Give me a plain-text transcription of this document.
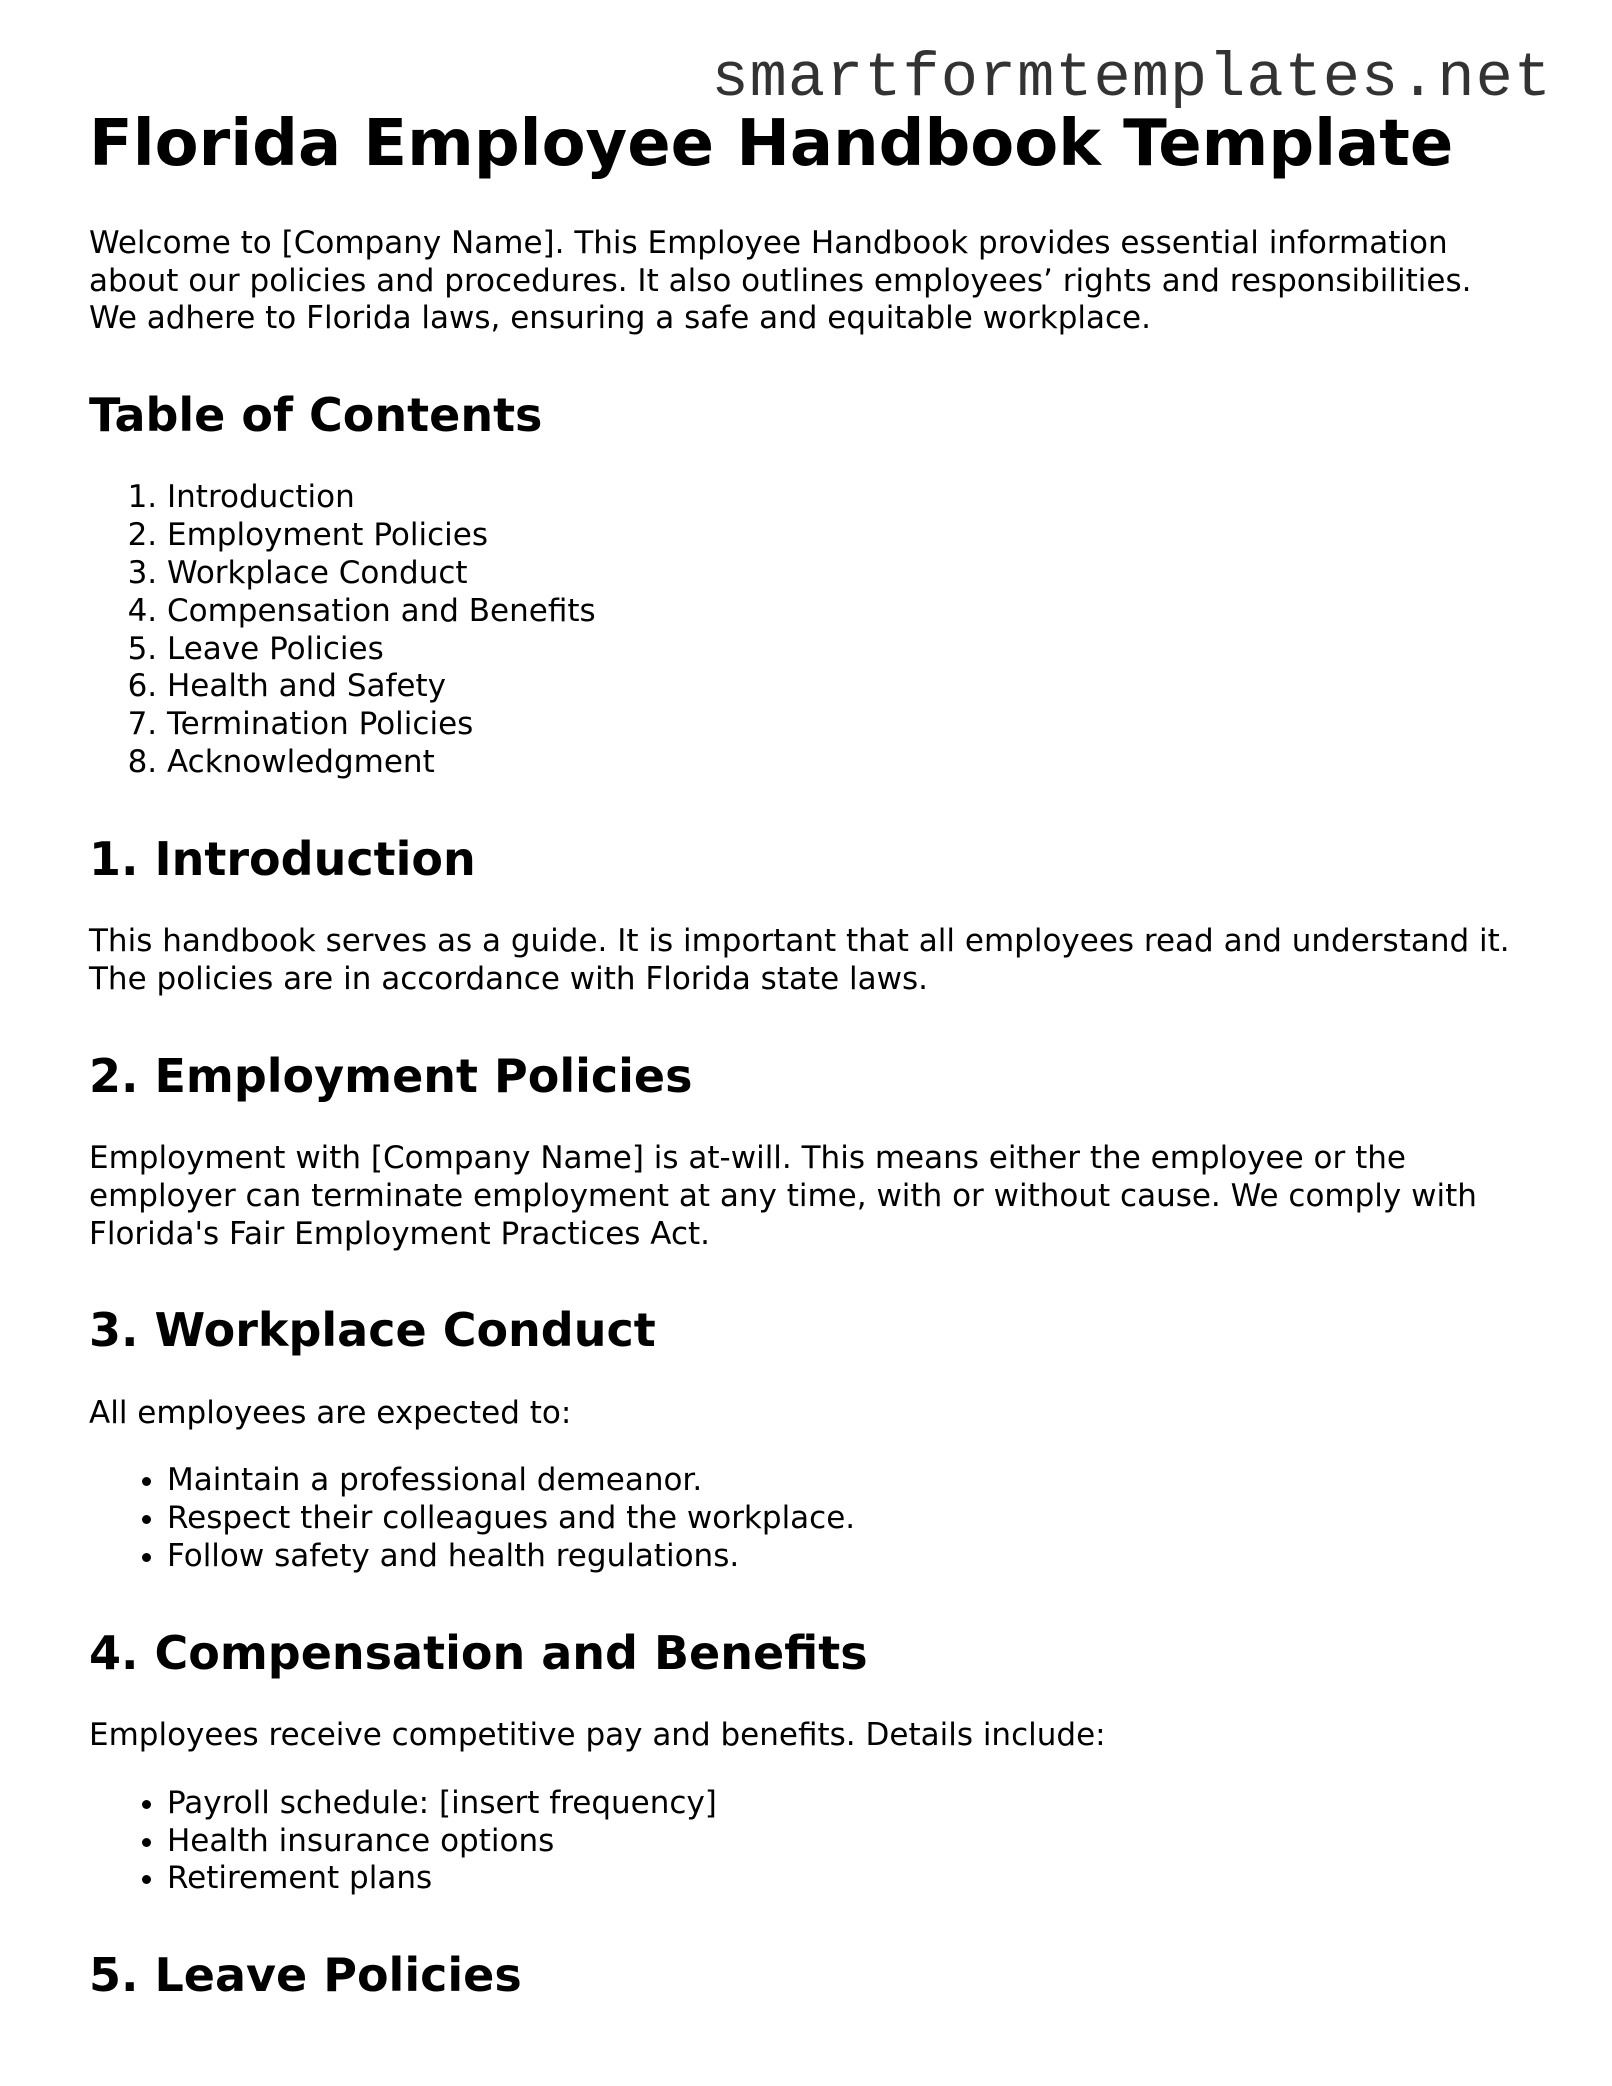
smartformtemplates.net
Florida Employee Handbook Template

Welcome to [Company Name]. This Employee Handbook provides essential information about our policies and procedures. It also outlines employees’ rights and responsibilities. We adhere to Florida laws, ensuring a safe and equitable workplace.

Table of Contents
1. Introduction
2. Employment Policies
3. Workplace Conduct
4. Compensation and Benefits
5. Leave Policies
6. Health and Safety
7. Termination Policies
8. Acknowledgment
1. Introduction

This handbook serves as a guide. It is important that all employees read and understand it. The policies are in accordance with Florida state laws.

2. Employment Policies

Employment with [Company Name] is at-will. This means either the employee or the employer can terminate employment at any time, with or without cause. We comply with Florida's Fair Employment Practices Act.

3. Workplace Conduct

All employees are expected to:

• Maintain a professional demeanor.
• Respect their colleagues and the workplace.
• Follow safety and health regulations.
4. Compensation and Benefits

Employees receive competitive pay and benefits. Details include:

• Payroll schedule: [insert frequency]
• Health insurance options
• Retirement plans
5. Leave Policies
